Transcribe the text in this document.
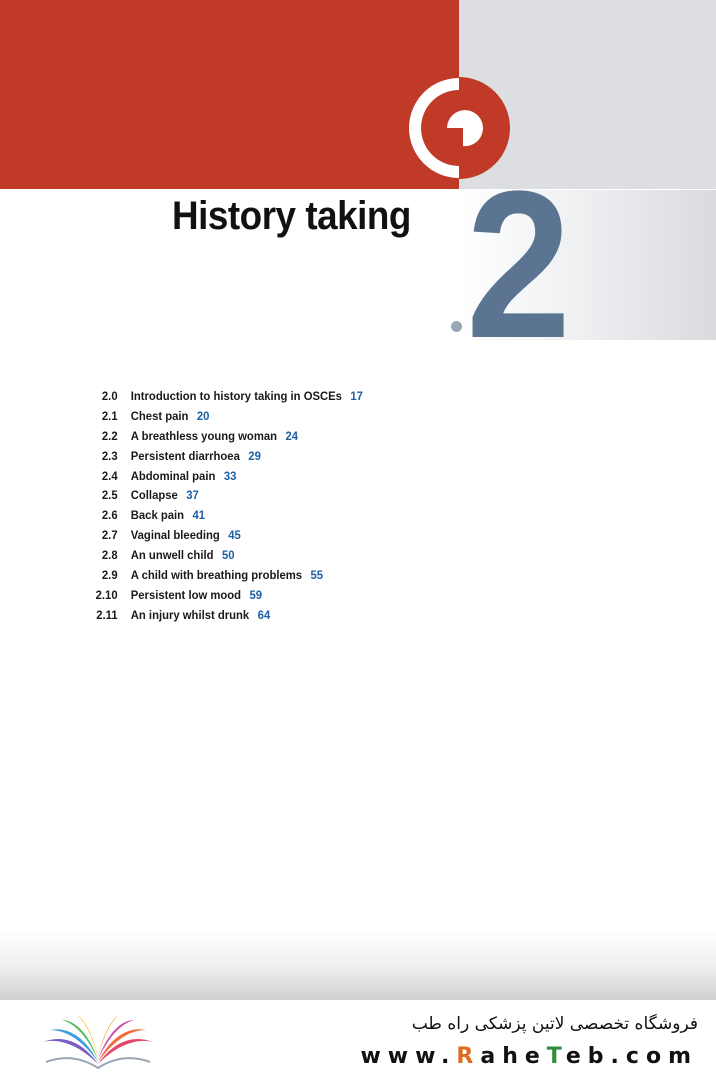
History taking 2
2.0 Introduction to history taking in OSCEs 17
2.1 Chest pain 20
2.2 A breathless young woman 24
2.3 Persistent diarrhoea 29
2.4 Abdominal pain 33
2.5 Collapse 37
2.6 Back pain 41
2.7 Vaginal bleeding 45
2.8 An unwell child 50
2.9 A child with breathing problems 55
2.10 Persistent low mood 59
2.11 An injury whilst drunk 64
فروشگاه تخصصی لاتین پزشکی راه طب
www.RaheTeb.com
